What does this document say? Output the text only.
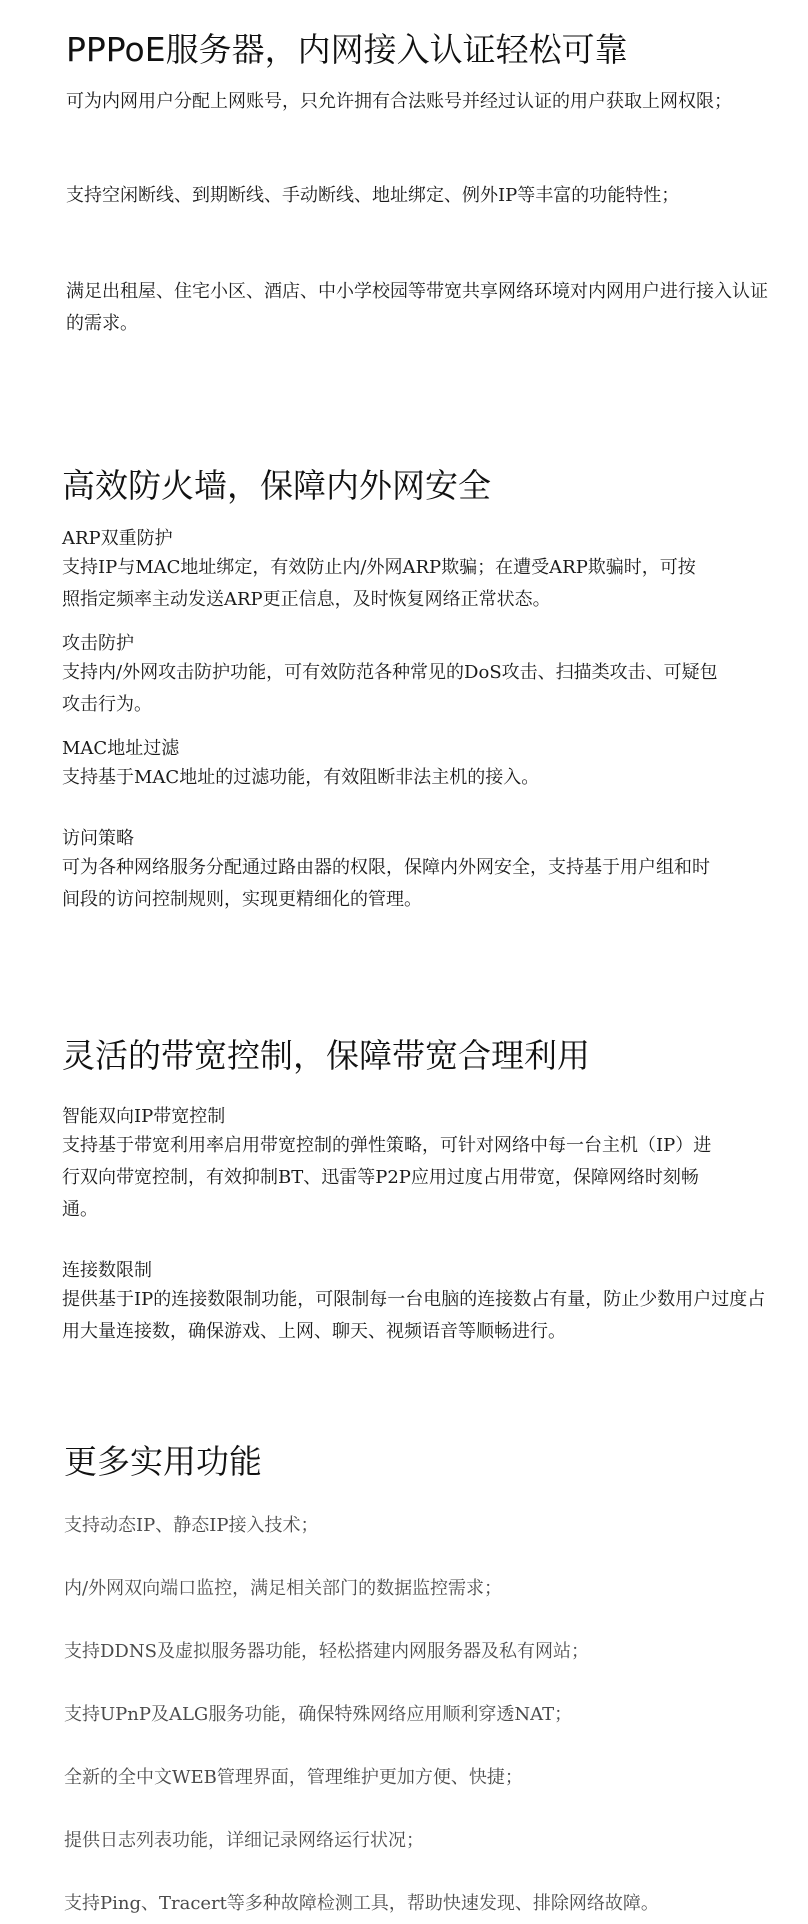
PPPoE服务器，内网接入认证轻松可靠

可为内网用户分配上网账号，只允许拥有合法账号并经过认证的用户获取上网权限；

支持空闲断线、到期断线、手动断线、地址绑定、例外IP等丰富的功能特性；

满足出租屋、住宅小区、酒店、中小学校园等带宽共享网络环境对内网用户进行接入认证的需求。

高效防火墙，保障内外网安全

ARP双重防护

支持IP与MAC地址绑定，有效防止内/外网ARP欺骗；在遭受ARP欺骗时，可按照指定频率主动发送ARP更正信息，及时恢复网络正常状态。

攻击防护

支持内/外网攻击防护功能，可有效防范各种常见的DoS攻击、扫描类攻击、可疑包攻击行为。

MAC地址过滤

支持基于MAC地址的过滤功能，有效阻断非法主机的接入。

访问策略

可为各种网络服务分配通过路由器的权限，保障内外网安全，支持基于用户组和时间段的访问控制规则，实现更精细化的管理。

灵活的带宽控制，保障带宽合理利用

智能双向IP带宽控制

支持基于带宽利用率启用带宽控制的弹性策略，可针对网络中每一台主机（IP）进行双向带宽控制，有效抑制BT、迅雷等P2P应用过度占用带宽，保障网络时刻畅通。

连接数限制

提供基于IP的连接数限制功能，可限制每一台电脑的连接数占有量，防止少数用户过度占用大量连接数，确保游戏、上网、聊天、视频语音等顺畅进行。

更多实用功能

支持动态IP、静态IP接入技术；

内/外网双向端口监控，满足相关部门的数据监控需求；

支持DDNS及虚拟服务器功能，轻松搭建内网服务器及私有网站；

支持UPnP及ALG服务功能，确保特殊网络应用顺利穿透NAT；

全新的全中文WEB管理界面，管理维护更加方便、快捷；

提供日志列表功能，详细记录网络运行状况；

支持Ping、Tracert等多种故障检测工具，帮助快速发现、排除网络故障。
